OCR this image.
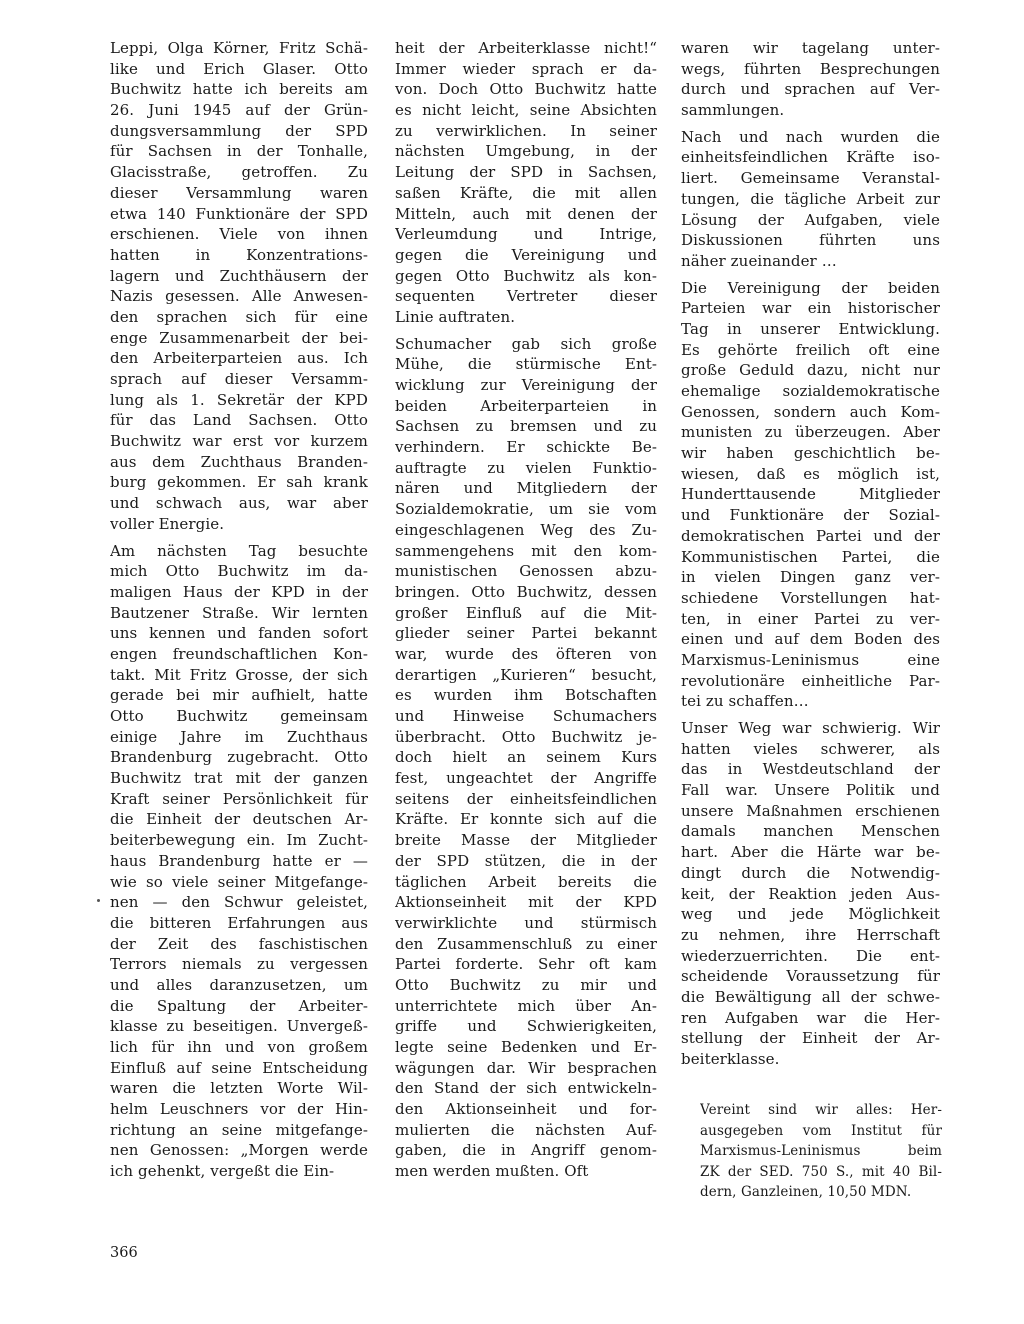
Leppi, Olga Körner, Fritz Schä-
like und Erich Glaser. Otto
Buchwitz hatte ich bereits am
26. Juni 1945 auf der Grün-
dungsversammlung der SPD
für Sachsen in der Tonhalle,
Glacisstraße, getroffen. Zu
dieser Versammlung waren
etwa 140 Funktionäre der SPD
erschienen. Viele von ihnen
hatten in Konzentrations-
lagern und Zuchthäusern der
Nazis gesessen. Alle Anwesen-
den sprachen sich für eine
enge Zusammenarbeit der bei-
den Arbeiterparteien aus. Ich
sprach auf dieser Versamm-
lung als 1. Sekretär der KPD
für das Land Sachsen. Otto
Buchwitz war erst vor kurzem
aus dem Zuchthaus Branden-
burg gekommen. Er sah krank
und schwach aus, war aber
voller Energie.

Am nächsten Tag besuchte
mich Otto Buchwitz im da-
maligen Haus der KPD in der
Bautzener Straße. Wir lernten
uns kennen und fanden sofort
engen freundschaftlichen Kon-
takt. Mit Fritz Grosse, der sich
gerade bei mir aufhielt, hatte
Otto Buchwitz gemeinsam
einige Jahre im Zuchthaus
Brandenburg zugebracht. Otto
Buchwitz trat mit der ganzen
Kraft seiner Persönlichkeit für
die Einheit der deutschen Ar-
beiterbewegung ein. Im Zucht-
haus Brandenburg hatte er —
wie so viele seiner Mitgefange-
nen — den Schwur geleistet,
die bitteren Erfahrungen aus
der Zeit des faschistischen
Terrors niemals zu vergessen
und alles daranzusetzen, um
die Spaltung der Arbeiter-
klasse zu beseitigen. Unvergeß-
lich für ihn und von großem
Einfluß auf seine Entscheidung
waren die letzten Worte Wil-
helm Leuschners vor der Hin-
richtung an seine mitgefange-
nen Genossen: „Morgen werde
ich gehenkt, vergeßt die Ein-

heit der Arbeiterklasse nicht!“
Immer wieder sprach er da-
von. Doch Otto Buchwitz hatte
es nicht leicht, seine Absichten
zu verwirklichen. In seiner
nächsten Umgebung, in der
Leitung der SPD in Sachsen,
saßen Kräfte, die mit allen
Mitteln, auch mit denen der
Verleumdung und Intrige,
gegen die Vereinigung und
gegen Otto Buchwitz als kon-
sequenten Vertreter dieser
Linie auftraten.

Schumacher gab sich große
Mühe, die stürmische Ent-
wicklung zur Vereinigung der
beiden Arbeiterparteien in
Sachsen zu bremsen und zu
verhindern. Er schickte Be-
auftragte zu vielen Funktio-
nären und Mitgliedern der
Sozialdemokratie, um sie vom
eingeschlagenen Weg des Zu-
sammengehens mit den kom-
munistischen Genossen abzu-
bringen. Otto Buchwitz, dessen
großer Einfluß auf die Mit-
glieder seiner Partei bekannt
war, wurde des öfteren von
derartigen „Kurieren“ besucht,
es wurden ihm Botschaften
und Hinweise Schumachers
überbracht. Otto Buchwitz je-
doch hielt an seinem Kurs
fest, ungeachtet der Angriffe
seitens der einheitsfeindlichen
Kräfte. Er konnte sich auf die
breite Masse der Mitglieder
der SPD stützen, die in der
täglichen Arbeit bereits die
Aktionseinheit mit der KPD
verwirklichte und stürmisch
den Zusammenschluß zu einer
Partei forderte. Sehr oft kam
Otto Buchwitz zu mir und
unterrichtete mich über An-
griffe und Schwierigkeiten,
legte seine Bedenken und Er-
wägungen dar. Wir besprachen
den Stand der sich entwickeln-
den Aktionseinheit und for-
mulierten die nächsten Auf-
gaben, die in Angriff genom-
men werden mußten. Oft

waren wir tagelang unter-
wegs, führten Besprechungen
durch und sprachen auf Ver-
sammlungen.

Nach und nach wurden die
einheitsfeindlichen Kräfte iso-
liert. Gemeinsame Veranstal-
tungen, die tägliche Arbeit zur
Lösung der Aufgaben, viele
Diskussionen führten uns
näher zueinander …

Die Vereinigung der beiden
Parteien war ein historischer
Tag in unserer Entwicklung.
Es gehörte freilich oft eine
große Geduld dazu, nicht nur
ehemalige sozialdemokratische
Genossen, sondern auch Kom-
munisten zu überzeugen. Aber
wir haben geschichtlich be-
wiesen, daß es möglich ist,
Hunderttausende Mitglieder
und Funktionäre der Sozial-
demokratischen Partei und der
Kommunistischen Partei, die
in vielen Dingen ganz ver-
schiedene Vorstellungen hat-
ten, in einer Partei zu ver-
einen und auf dem Boden des
Marxismus-Leninismus eine
revolutionäre einheitliche Par-
tei zu schaffen…

Unser Weg war schwierig. Wir
hatten vieles schwerer, als
das in Westdeutschland der
Fall war. Unsere Politik und
unsere Maßnahmen erschienen
damals manchen Menschen
hart. Aber die Härte war be-
dingt durch die Notwendig-
keit, der Reaktion jeden Aus-
weg und jede Möglichkeit
zu nehmen, ihre Herrschaft
wiederzuerrichten. Die ent-
scheidende Voraussetzung für
die Bewältigung all der schwe-
ren Aufgaben war die Her-
stellung der Einheit der Ar-
beiterklasse.

Vereint sind wir alles: Her-
ausgegeben vom Institut für
Marxismus-Leninismus beim
ZK der SED. 750 S., mit 40 Bil-
dern, Ganzleinen, 10,50 MDN.

366
